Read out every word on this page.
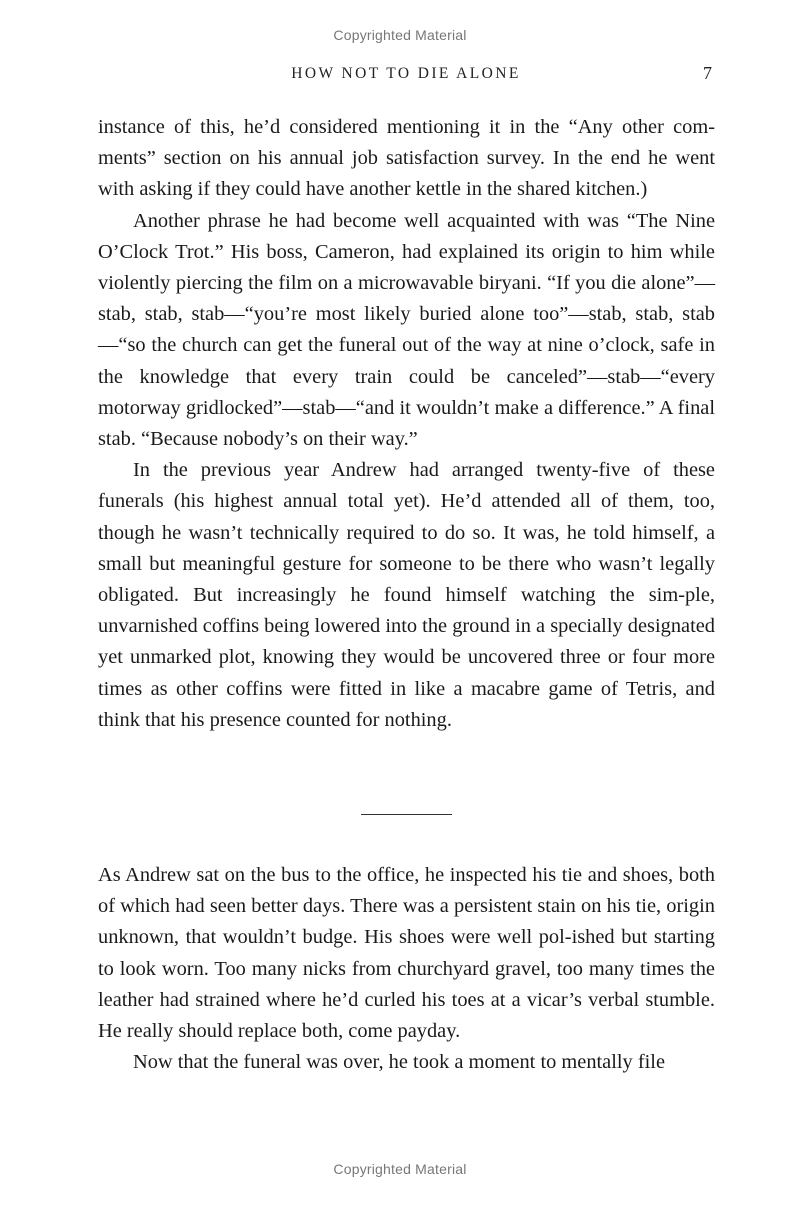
Copyrighted Material
HOW NOT TO DIE ALONE	7

instance of this, he’d considered mentioning it in the “Any other com-ments” section on his annual job satisfaction survey. In the end he went with asking if they could have another kettle in the shared kitchen.)

Another phrase he had become well acquainted with was “The Nine O’Clock Trot.” His boss, Cameron, had explained its origin to him while violently piercing the film on a microwavable biryani. “If you die alone”—stab, stab, stab—“you’re most likely buried alone too”—stab, stab, stab—“so the church can get the funeral out of the way at nine o’clock, safe in the knowledge that every train could be canceled”—stab—“every motorway gridlocked”—stab—“and it wouldn’t make a difference.” A final stab. “Because nobody’s on their way.”

In the previous year Andrew had arranged twenty-five of these funerals (his highest annual total yet). He’d attended all of them, too, though he wasn’t technically required to do so. It was, he told himself, a small but meaningful gesture for someone to be there who wasn’t legally obligated. But increasingly he found himself watching the sim-ple, unvarnished coffins being lowered into the ground in a specially designated yet unmarked plot, knowing they would be uncovered three or four more times as other coffins were fitted in like a macabre game of Tetris, and think that his presence counted for nothing.

As Andrew sat on the bus to the office, he inspected his tie and shoes, both of which had seen better days. There was a persistent stain on his tie, origin unknown, that wouldn’t budge. His shoes were well pol-ished but starting to look worn. Too many nicks from churchyard gravel, too many times the leather had strained where he’d curled his toes at a vicar’s verbal stumble. He really should replace both, come payday.

Now that the funeral was over, he took a moment to mentally file

Copyrighted Material
